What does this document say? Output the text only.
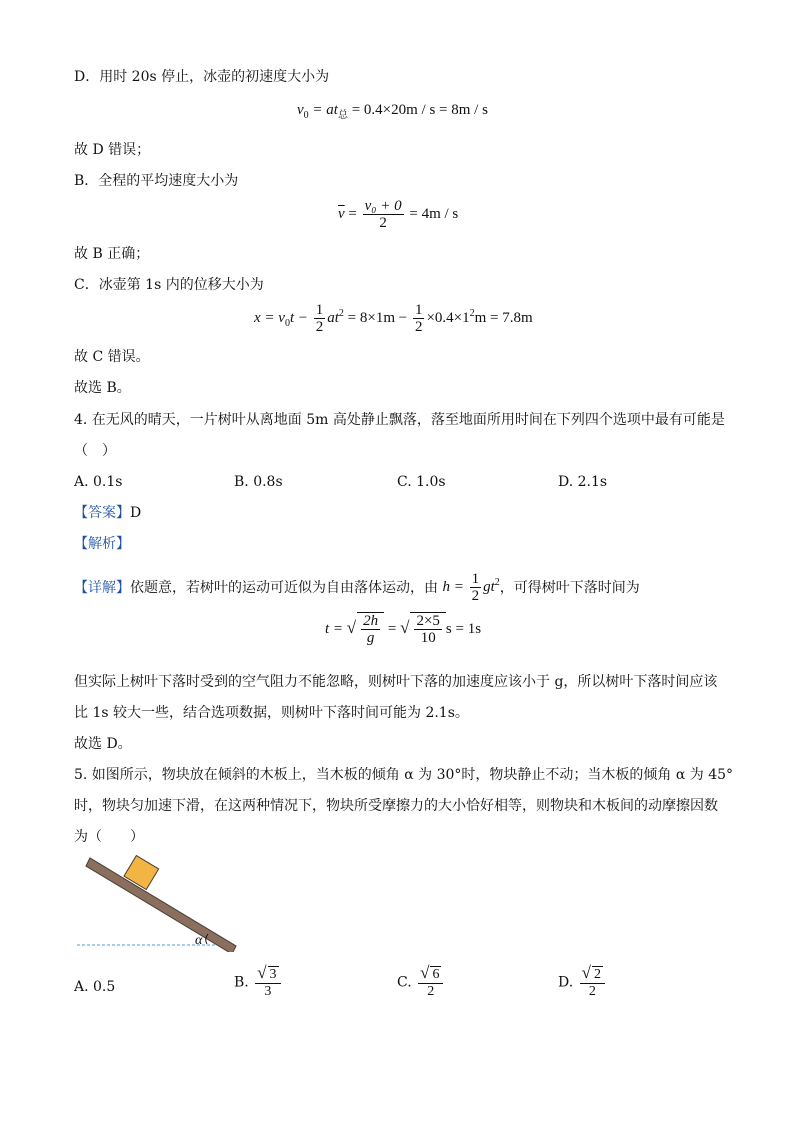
D．用时 20s 停止，冰壶的初速度大小为
$v_0 = at_总 = 0.4\times 20m / s = 8m / s$
故 D 错误；
B．全程的平均速度大小为
$\overline{v} = \frac{\text{v₀ + 0}}{2} = 4m / s$
故 B 正确；
C．冰壶第 1s 内的位移大小为
$x = v_0t - \frac{1}{2} at^2 = 8\times 1m - \frac{1}{2} \times 0.4\times 1^2m = 7.8m$
故 C 错误。
故选 B。
4. 在无风的晴天，一片树叶从离地面 5m 高处静止飘落，落至地面所用时间在下列四个选项中最有可能是
（　）
A. 0.1s	B. 0.8s	C. 1.0s	D. 2.1s
【答案】D
【解析】
【详解】依题意，若树叶的运动可近似为自由落体运动，由 $h = \frac{1}{2} gt^2$，可得树叶下落时间为
t = √ $\frac{2h}{g}$ = √ $\frac{2\times 5}{10}$ s = 1s
但实际上树叶下落时受到的空气阻力不能忽略，则树叶下落的加速度应该小于 g，所以树叶下落时间应该
比 1s 较大一些，结合选项数据，则树叶下落时间可能为 2.1s。
故选 D。
5. 如图所示，物块放在倾斜的木板上，当木板的倾角 α 为 30°时，物块静止不动；当木板的倾角 α 为 45°
时，物块匀加速下滑，在这两种情况下，物块所受摩擦力的大小恰好相等，则物块和木板间的动摩擦因数
为（　　）
α
A. 0.5	B. $\frac{√ 3}{3}$	C. $\frac{√ 6}{2}$	D. $\frac{√ 2}{2}$
